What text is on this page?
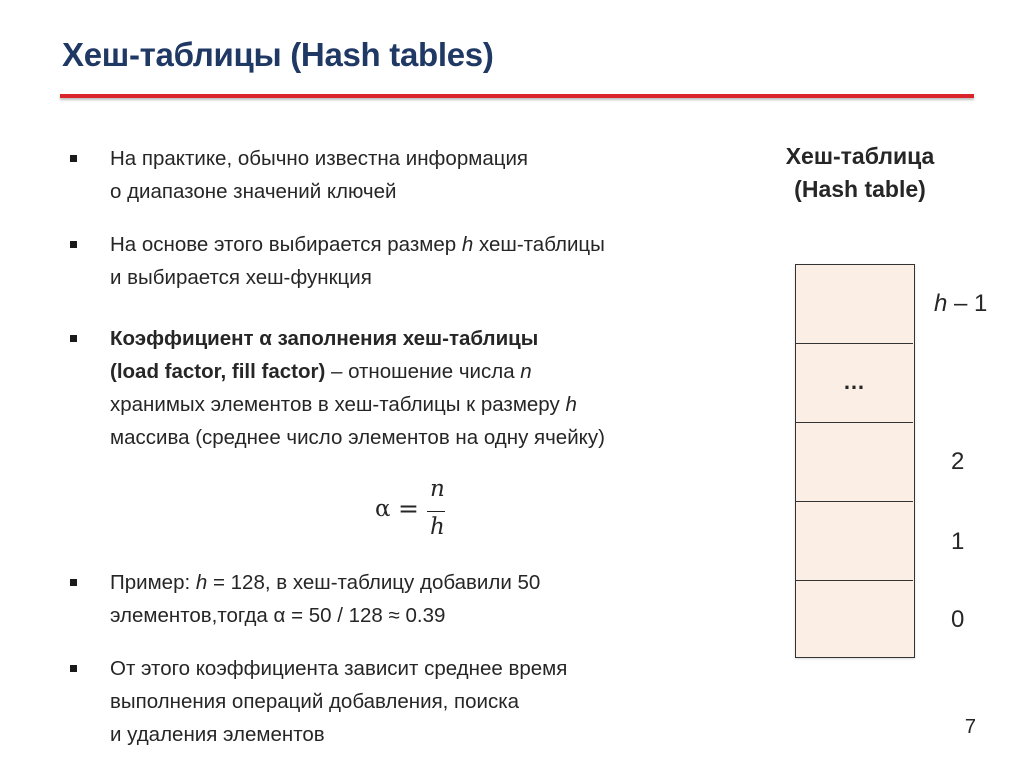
Хеш-таблицы (Hash tables)
На практике, обычно известна информация
о диапазоне значений ключей
На основе этого выбирается размер h хеш-таблицы
и выбирается хеш-функция
Коэффициент α заполнения хеш-таблицы
(load factor, fill factor) – отношение числа n
хранимых элементов в хеш-таблицы к размеру h
массива (среднее число элементов на одну ячейку)
Пример: h = 128, в хеш-таблицу добавили 50
элементов,тогда α = 50 / 128 ≈ 0.39
От этого коэффициента зависит среднее время
выполнения операций добавления, поиска
и удаления элементов
α =
n
h
Хеш-таблица
(Hash table)
…
h – 1
2
1
0
7
